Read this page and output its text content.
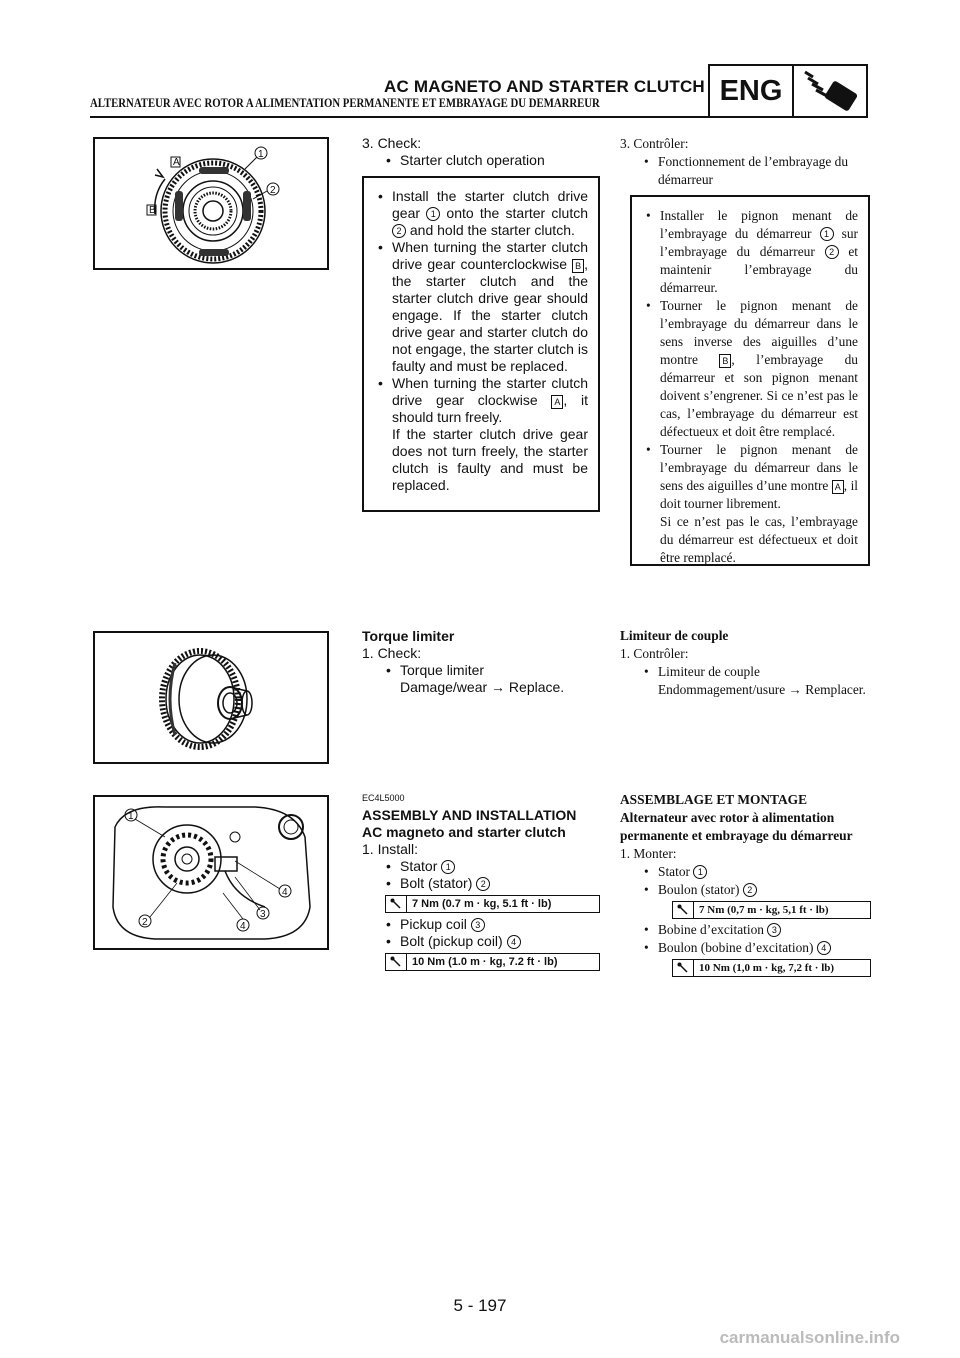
AC MAGNETO AND STARTER CLUTCH
ALTERNATEUR AVEC ROTOR A ALIMENTATION PERMANENTE ET EMBRAYAGE DU DEMARREUR	ENG
A
B
1
2
1
2
3
4
4
3. Check:
• Starter clutch operation
• Install the starter clutch drive gear 1 onto the starter clutch 2 and hold the starter clutch.
• When turning the starter clutch drive gear counterclockwise B , the starter clutch and the starter clutch drive gear should engage. If the starter clutch drive gear and starter clutch do not engage, the starter clutch is faulty and must be replaced.
• When turning the starter clutch drive gear clockwise A , it should turn freely.
If the starter clutch drive gear does not turn freely, the starter clutch is faulty and must be replaced.
Torque limiter
1. Check:
• Torque limiter
Damage/wear → Replace.
EC4L5000
ASSEMBLY AND INSTALLATION
AC magneto and starter clutch
1. Install:
• Stator 1
• Bolt (stator) 2
7 Nm (0.7 m · kg, 5.1 ft · lb)
• Pickup coil 3
• Bolt (pickup coil) 4
10 Nm (1.0 m · kg, 7.2 ft · lb)
3. Contrôler:
• Fonctionnement de l’embrayage du démarreur
• Installer le pignon menant de l’embrayage du démarreur 1 sur l’embrayage du démarreur 2 et maintenir l’embrayage du démarreur.
• Tourner le pignon menant de l’embrayage du démarreur dans le sens inverse des aiguilles d’une montre B , l’embrayage du démarreur et son pignon menant doivent s’engrener. Si ce n’est pas le cas, l’embrayage du démarreur est défectueux et doit être remplacé.
• Tourner le pignon menant de l’embrayage du démarreur dans le sens des aiguilles d’une montre A , il doit tourner librement.
Si ce n’est pas le cas, l’embrayage du démarreur est défectueux et doit être remplacé.
Limiteur de couple
1. Contrôler:
• Limiteur de couple
Endommagement/usure → Remplacer.
ASSEMBLAGE ET MONTAGE
Alternateur avec rotor à alimentation permanente et embrayage du démarreur
1. Monter:
• Stator 1
• Boulon (stator) 2
7 Nm (0,7 m · kg, 5,1 ft · lb)
• Bobine d’excitation 3
• Boulon (bobine d’excitation) 4
10 Nm (1,0 m · kg, 7,2 ft · lb)
5 - 197
carmanualsonline.info
